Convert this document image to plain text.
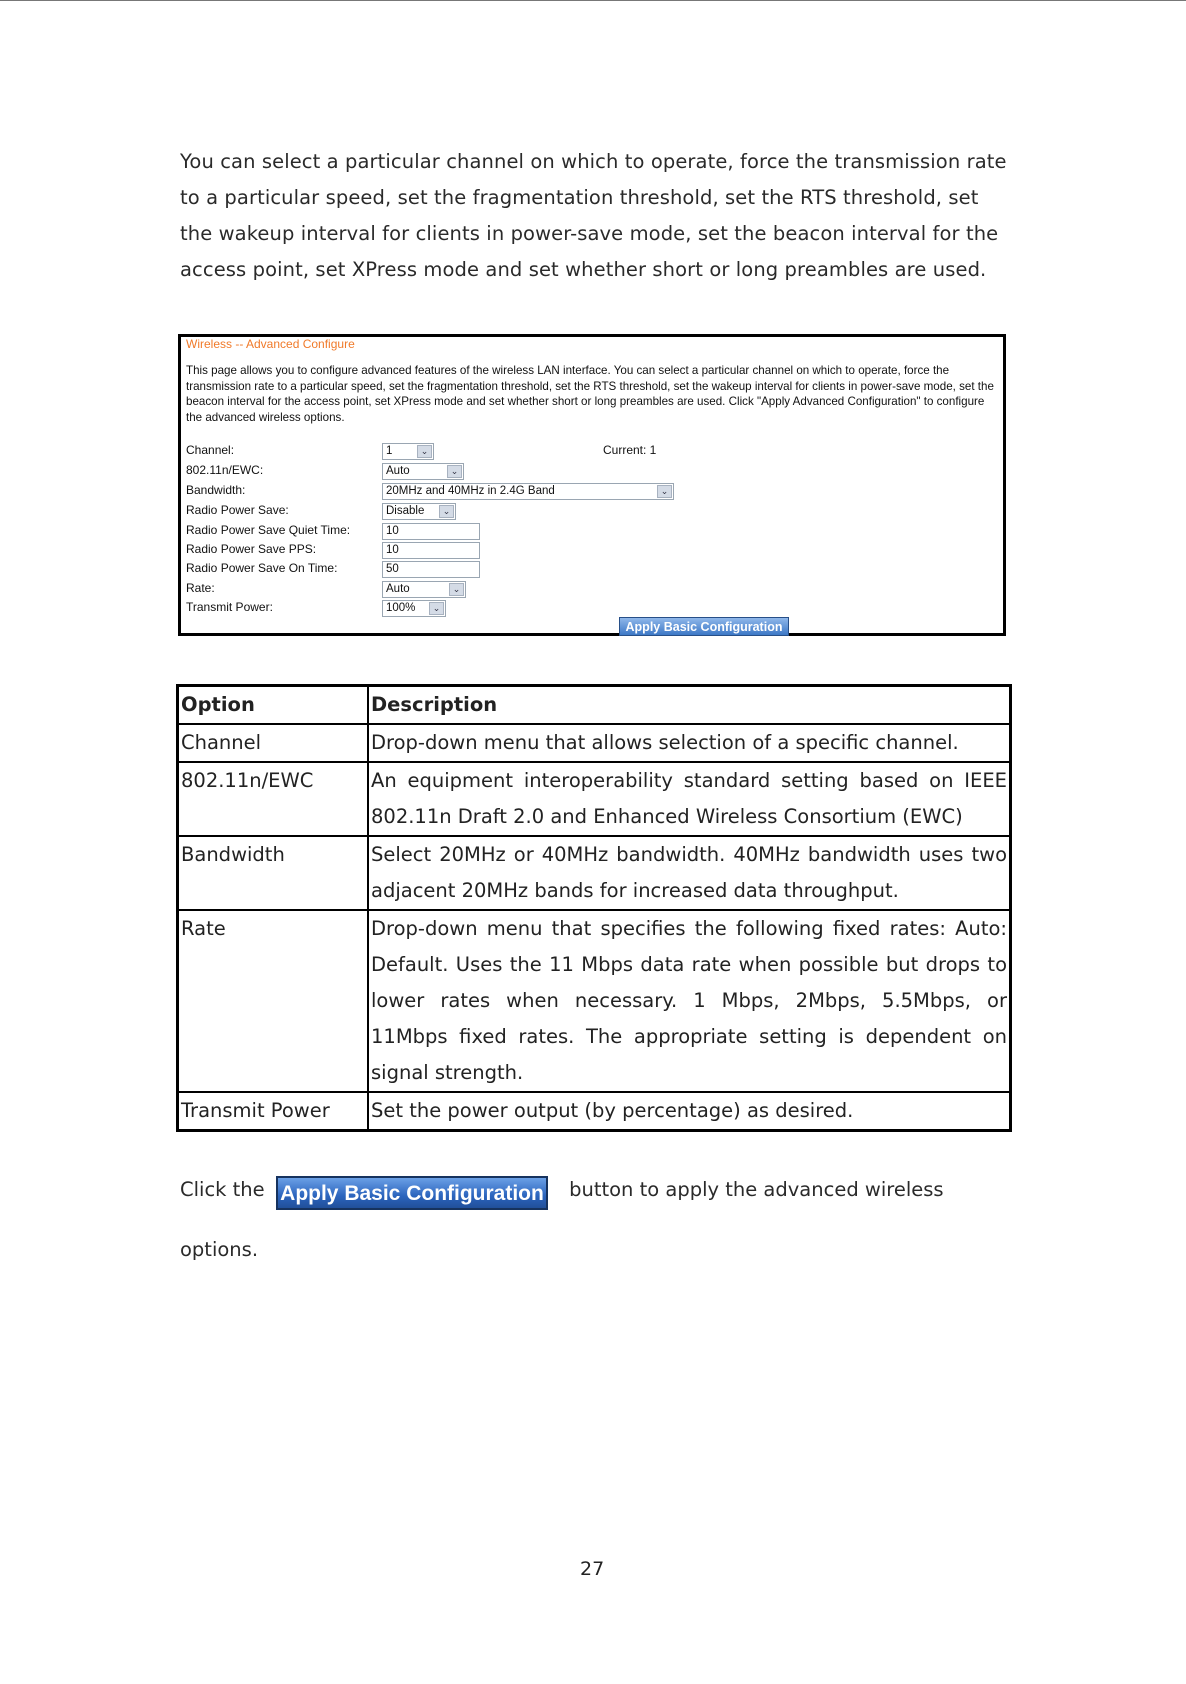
You can select a particular channel on which to operate, force the transmission rate to a particular speed, set the fragmentation threshold, set the RTS threshold, set the wakeup interval for clients in power-save mode, set the beacon interval for the access point, set XPress mode and set whether short or long preambles are used.

Wireless -- Advanced Configure

This page allows you to configure advanced features of the wireless LAN interface. You can select a particular channel on which to operate, force the transmission rate to a particular speed, set the fragmentation threshold, set the RTS threshold, set the wakeup interval for clients in power-save mode, set the beacon interval for the access point, set XPress mode and set whether short or long preambles are used. Click "Apply Advanced Configuration" to configure the advanced wireless options.

Channel:	1	⌄	Current: 1
802.11n/EWC:	Auto	⌄
Bandwidth:	20MHz and 40MHz in 2.4G Band	⌄
Radio Power Save:	Disable	⌄
Radio Power Save Quiet Time:	10
Radio Power Save PPS:	10
Radio Power Save On Time:	50
Rate:	Auto	⌄
Transmit Power:	100%	⌄
Apply Basic Configuration
Option	Description
Channel	Drop-down menu that allows selection of a specific channel.
802.11n/EWC	An equipment interoperability standard setting based on IEEE 802.11n Draft 2.0 and Enhanced Wireless Consortium (EWC)
Bandwidth	Select 20MHz or 40MHz bandwidth. 40MHz bandwidth uses two adjacent 20MHz bands for increased data throughput.
Rate	Drop-down menu that specifies the following fixed rates: Auto: Default. Uses the 11 Mbps data rate when possible but drops to lower rates when necessary. 1 Mbps, 2Mbps, 5.5Mbps, or 11Mbps fixed rates. The appropriate setting is dependent on signal strength.
Transmit Power	Set the power output (by percentage) as desired.
Click the	button to apply the advanced wireless
Apply Basic Configuration
options.
27
